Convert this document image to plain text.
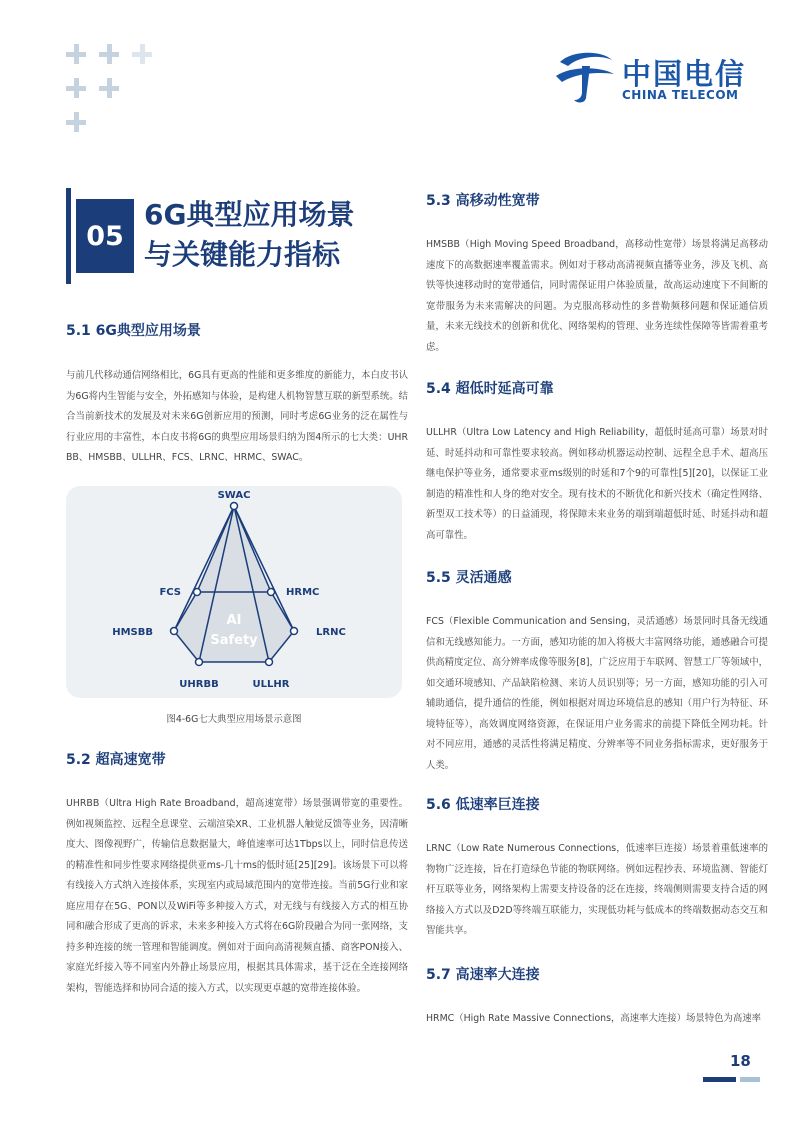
中国电信
CHINA TELECOM
05
6G典型应用场景
与关键能力指标
5.1 6G典型应用场景
与前几代移动通信网络相比，6G具有更高的性能和更多维度的新能力，本白皮书认为6G将内生智能与安全，外拓感知与体验，是构建人机物智慧互联的新型系统。结合当前新技术的发展及对未来6G创新应用的预测，同时考虑6G业务的泛在属性与行业应用的丰富性，本白皮书将6G的典型应用场景归纳为图4所示的七大类：UHRBB、HMSBB、ULLHR、FCS、LRNC、HRMC、SWAC。
SWAC
FCS	HRMC
HMSBB	LRNC
UHRBB	ULLHR
AI
Safety
图4-6G七大典型应用场景示意图
5.2 超高速宽带
UHRBB（Ultra High Rate Broadband，超高速宽带）场景强调带宽的重要性。例如视频监控、远程全息课堂、云端渲染XR、工业机器人触觉反馈等业务，因清晰度大、图像视野广，传输信息数据量大，峰值速率可达1Tbps以上，同时信息传送的精准性和同步性要求网络提供亚ms-几十ms的低时延[25][29]。该场景下可以将有线接入方式纳入连接体系，实现室内或局域范围内的宽带连接。当前5G行业和家庭应用存在5G、PON以及WiFi等多种接入方式，对无线与有线接入方式的相互协同和融合形成了更高的诉求，未来多种接入方式将在6G阶段融合为同一张网络，支持多种连接的统一管理和智能调度。例如对于面向高清视频直播、商客PON接入、家庭光纤接入等不同室内外静止场景应用，根据其具体需求，基于泛在全连接网络架构，智能选择和协同合适的接入方式，以实现更卓越的宽带连接体验。
5.3 高移动性宽带
HMSBB（High Moving Speed Broadband，高移动性宽带）场景将满足高移动速度下的高数据速率覆盖需求。例如对于移动高清视频直播等业务，涉及飞机、高铁等快速移动时的宽带通信，同时需保证用户体验质量，故高运动速度下不间断的宽带服务为未来需解决的问题。为克服高移动性的多普勒频移问题和保证通信质量，未来无线技术的创新和优化、网络架构的管理、业务连续性保障等皆需着重考虑。
5.4 超低时延高可靠
ULLHR（Ultra Low Latency and High Reliability，超低时延高可靠）场景对时延、时延抖动和可靠性要求较高。例如移动机器运动控制、远程全息手术、超高压继电保护等业务，通常要求亚ms级别的时延和7个9的可靠性[5][20]，以保证工业制造的精准性和人身的绝对安全。现有技术的不断优化和新兴技术（确定性网络、新型双工技术等）的日益涌现，将保障未来业务的端到端超低时延、时延抖动和超高可靠性。
5.5 灵活通感
FCS（Flexible Communication and Sensing，灵活通感）场景同时具备无线通信和无线感知能力。一方面，感知功能的加入将极大丰富网络功能，通感融合可提供高精度定位、高分辨率成像等服务[8]，广泛应用于车联网、智慧工厂等领域中，如交通环境感知、产品缺陷检测、来访人员识别等；另一方面，感知功能的引入可辅助通信，提升通信的性能，例如根据对周边环境信息的感知（用户行为特征、环境特征等），高效调度网络资源，在保证用户业务需求的前提下降低全网功耗。针对不同应用，通感的灵活性将满足精度、分辨率等不同业务指标需求，更好服务于人类。
5.6 低速率巨连接
LRNC（Low Rate Numerous Connections，低速率巨连接）场景着重低速率的物物广泛连接，旨在打造绿色节能的物联网络。例如远程抄表、环境监测、智能灯杆互联等业务，网络架构上需要支持设备的泛在连接，终端侧则需要支持合适的网络接入方式以及D2D等终端互联能力，实现低功耗与低成本的终端数据动态交互和智能共享。
5.7 高速率大连接
HRMC（High Rate Massive Connections，高速率大连接）场景特色为高速率
18
